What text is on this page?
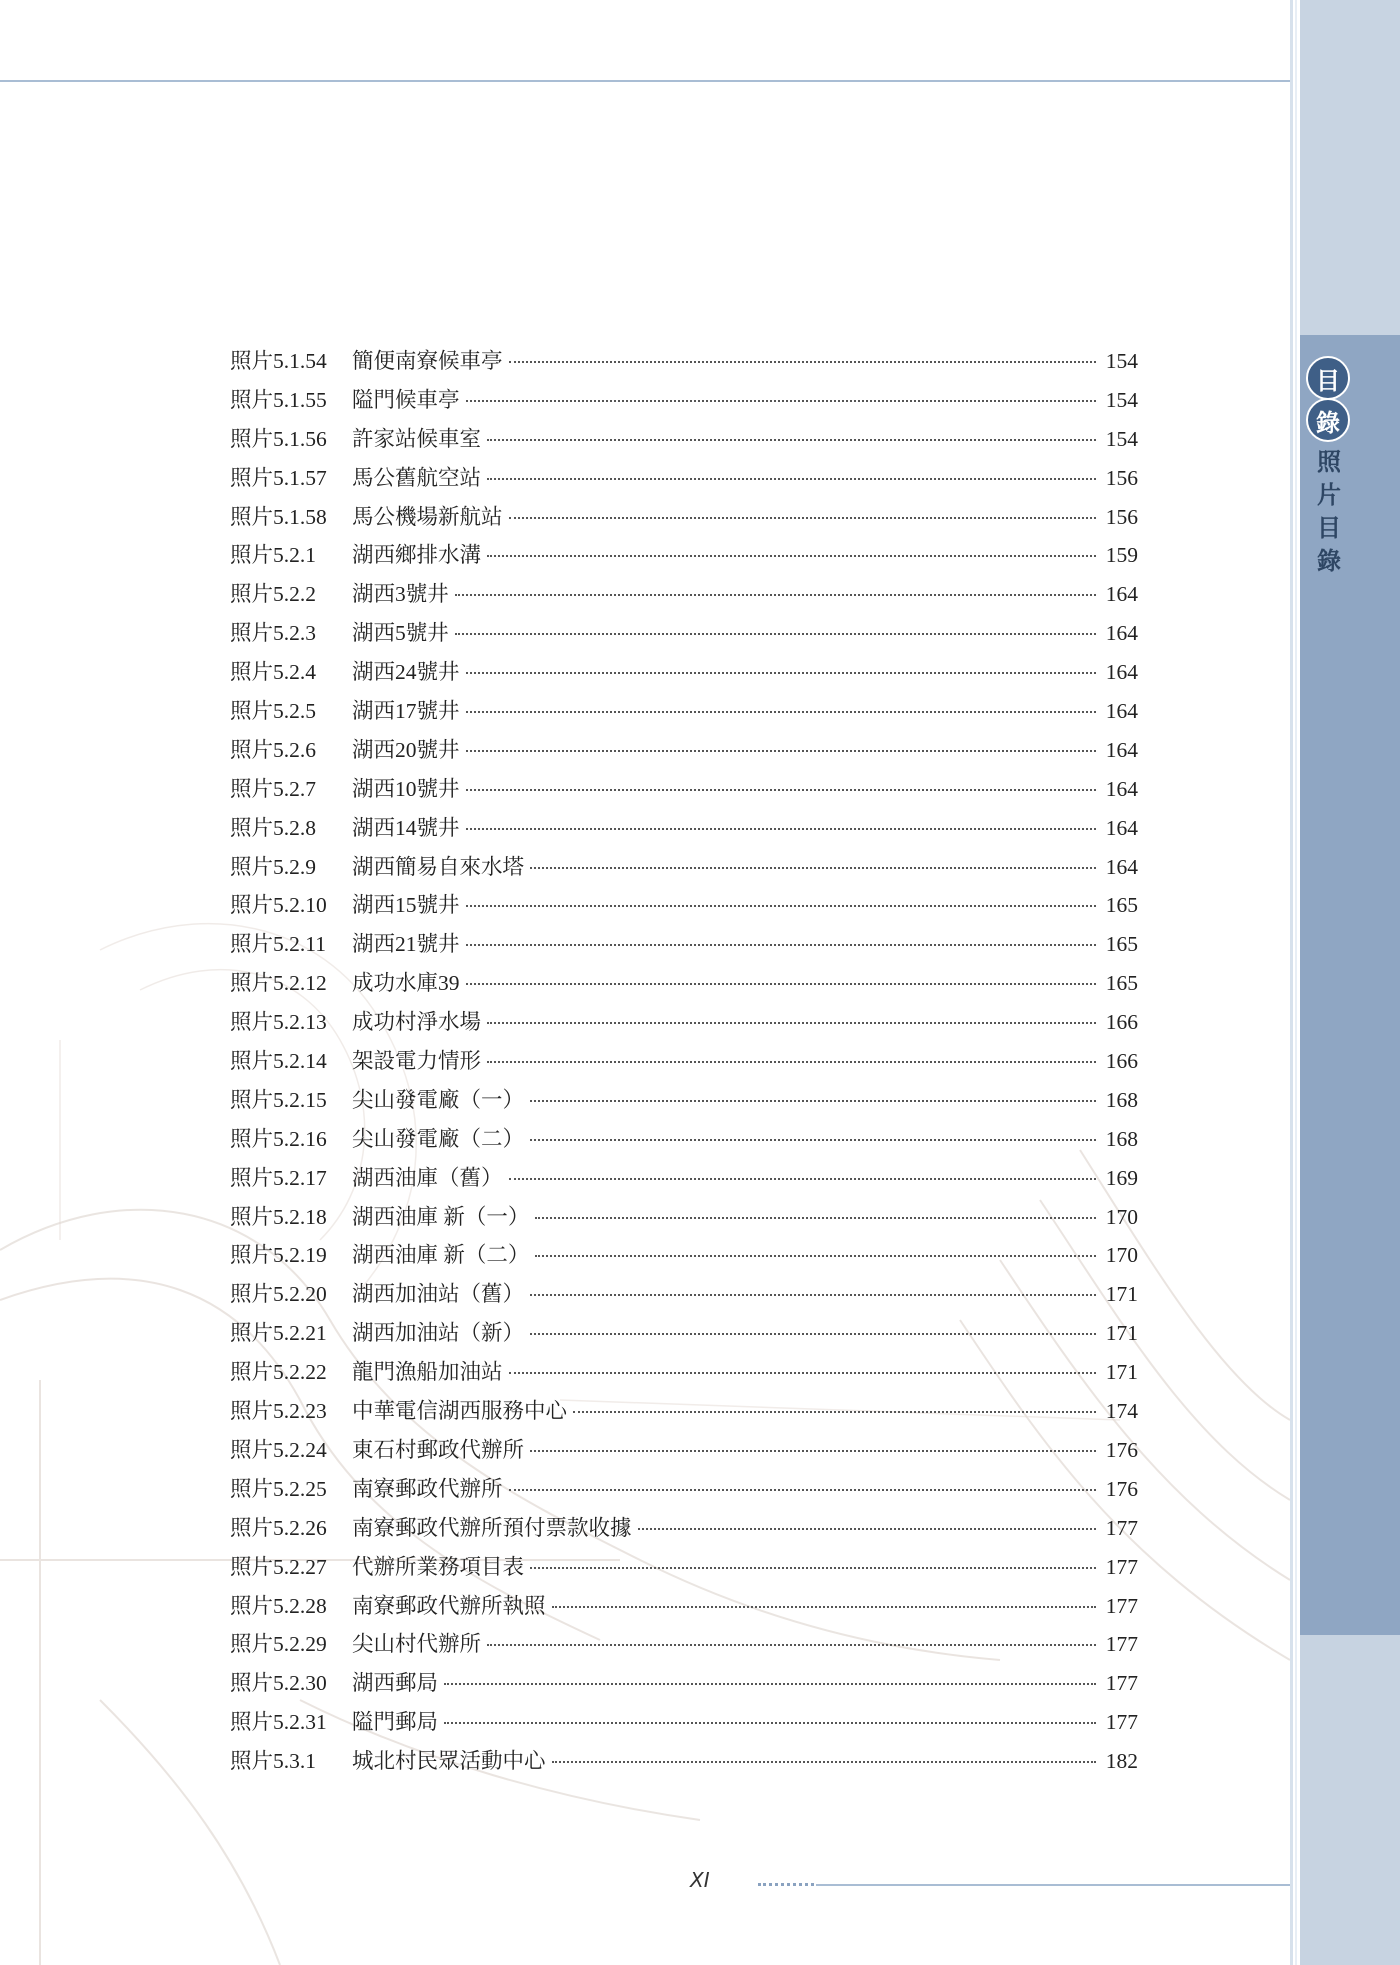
目
錄
照
片
目
錄
照片5.1.54	簡便南寮候車亭	154
照片5.1.55	隘門候車亭	154
照片5.1.56	許家站候車室	154
照片5.1.57	馬公舊航空站	156
照片5.1.58	馬公機場新航站	156
照片5.2.1	湖西鄉排水溝	159
照片5.2.2	湖西3號井	164
照片5.2.3	湖西5號井	164
照片5.2.4	湖西24號井	164
照片5.2.5	湖西17號井	164
照片5.2.6	湖西20號井	164
照片5.2.7	湖西10號井	164
照片5.2.8	湖西14號井	164
照片5.2.9	湖西簡易自來水塔	164
照片5.2.10	湖西15號井	165
照片5.2.11	湖西21號井	165
照片5.2.12	成功水庫39	165
照片5.2.13	成功村淨水場	166
照片5.2.14	架設電力情形	166
照片5.2.15	尖山發電廠（一）	168
照片5.2.16	尖山發電廠（二）	168
照片5.2.17	湖西油庫（舊）	169
照片5.2.18	湖西油庫 新（一）	170
照片5.2.19	湖西油庫 新（二）	170
照片5.2.20	湖西加油站（舊）	171
照片5.2.21	湖西加油站（新）	171
照片5.2.22	龍門漁船加油站	171
照片5.2.23	中華電信湖西服務中心	174
照片5.2.24	東石村郵政代辦所	176
照片5.2.25	南寮郵政代辦所	176
照片5.2.26	南寮郵政代辦所預付票款收據	177
照片5.2.27	代辦所業務項目表	177
照片5.2.28	南寮郵政代辦所執照	177
照片5.2.29	尖山村代辦所	177
照片5.2.30	湖西郵局	177
照片5.2.31	隘門郵局	177
照片5.3.1	城北村民眾活動中心	182
XI
